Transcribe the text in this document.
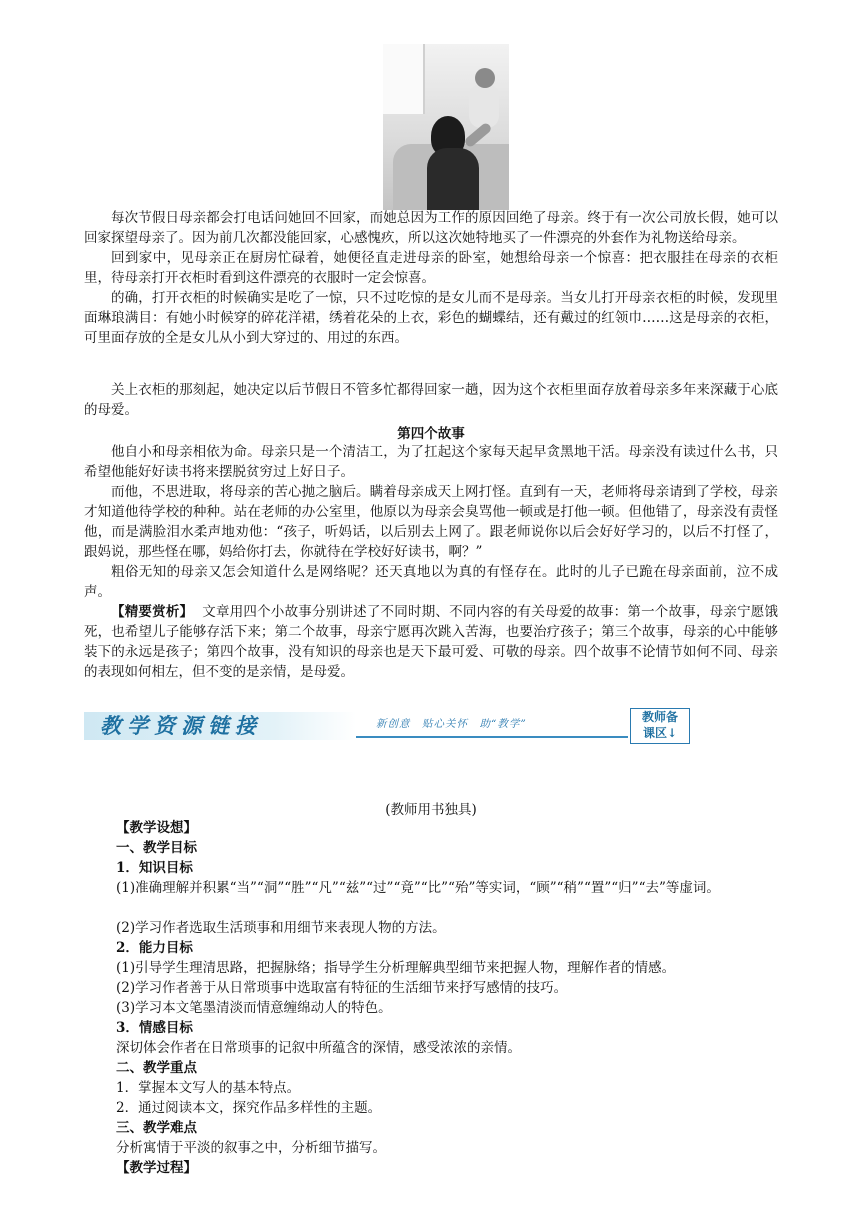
每次节假日母亲都会打电话问她回不回家，而她总因为工作的原因回绝了母亲。终于有一次公司放长假，她可以回家探望母亲了。因为前几次都没能回家，心感愧疚，所以这次她特地买了一件漂亮的外套作为礼物送给母亲。

回到家中，见母亲正在厨房忙碌着，她便径直走进母亲的卧室，她想给母亲一个惊喜：把衣服挂在母亲的衣柜里，待母亲打开衣柜时看到这件漂亮的衣服时一定会惊喜。

的确，打开衣柜的时候确实是吃了一惊，只不过吃惊的是女儿而不是母亲。当女儿打开母亲衣柜的时候，发现里面琳琅满目：有她小时候穿的碎花洋裙，绣着花朵的上衣，彩色的蝴蝶结，还有戴过的红领巾……这是母亲的衣柜，可里面存放的全是女儿从小到大穿过的、用过的东西。

关上衣柜的那刻起，她决定以后节假日不管多忙都得回家一趟，因为这个衣柜里面存放着母亲多年来深藏于心底的母爱。

第四个故事

他自小和母亲相依为命。母亲只是一个清洁工，为了扛起这个家每天起早贪黑地干活。母亲没有读过什么书，只希望他能好好读书将来摆脱贫穷过上好日子。

而他，不思进取，将母亲的苦心抛之脑后。瞒着母亲成天上网打怪。直到有一天，老师将母亲请到了学校，母亲才知道他待学校的种种。站在老师的办公室里，他原以为母亲会臭骂他一顿或是打他一顿。但他错了，母亲没有责怪他，而是满脸泪水柔声地劝他：“孩子，听妈话，以后别去上网了。跟老师说你以后会好好学习的，以后不打怪了，跟妈说，那些怪在哪，妈给你打去，你就待在学校好好读书，啊？”

粗俗无知的母亲又怎会知道什么是网络呢？还天真地以为真的有怪存在。此时的儿子已跪在母亲面前，泣不成声。

【精要赏析】 文章用四个小故事分别讲述了不同时期、不同内容的有关母爱的故事：第一个故事，母亲宁愿饿死，也希望儿子能够存活下来；第二个故事，母亲宁愿再次跳入苦海，也要治疗孩子；第三个故事，母亲的心中能够装下的永远是孩子；第四个故事，没有知识的母亲也是天下最可爱、可敬的母亲。四个故事不论情节如何不同、母亲的表现如何相左，但不变的是亲情，是母爱。

教学资源链接	新创意　贴心关怀　助“教学”	教师备
课区↓
(教师用书独具)
【教学设想】
一、教学目标
1．知识目标
(1)准确理解并积累“当”“洞”“胜”“凡”“兹”“过”“竟”“比”“殆”等实词，“顾”“稍”“置”“归”“去”等虚词。
(2)学习作者选取生活琐事和用细节来表现人物的方法。
2．能力目标
(1)引导学生理清思路，把握脉络；指导学生分析理解典型细节来把握人物，理解作者的情感。
(2)学习作者善于从日常琐事中选取富有特征的生活细节来抒写感情的技巧。
(3)学习本文笔墨清淡而情意缠绵动人的特色。
3．情感目标
深切体会作者在日常琐事的记叙中所蕴含的深情，感受浓浓的亲情。
二、教学重点
1．掌握本文写人的基本特点。
2．通过阅读本文，探究作品多样性的主题。
三、教学难点
分析寓情于平淡的叙事之中，分析细节描写。
【教学过程】
